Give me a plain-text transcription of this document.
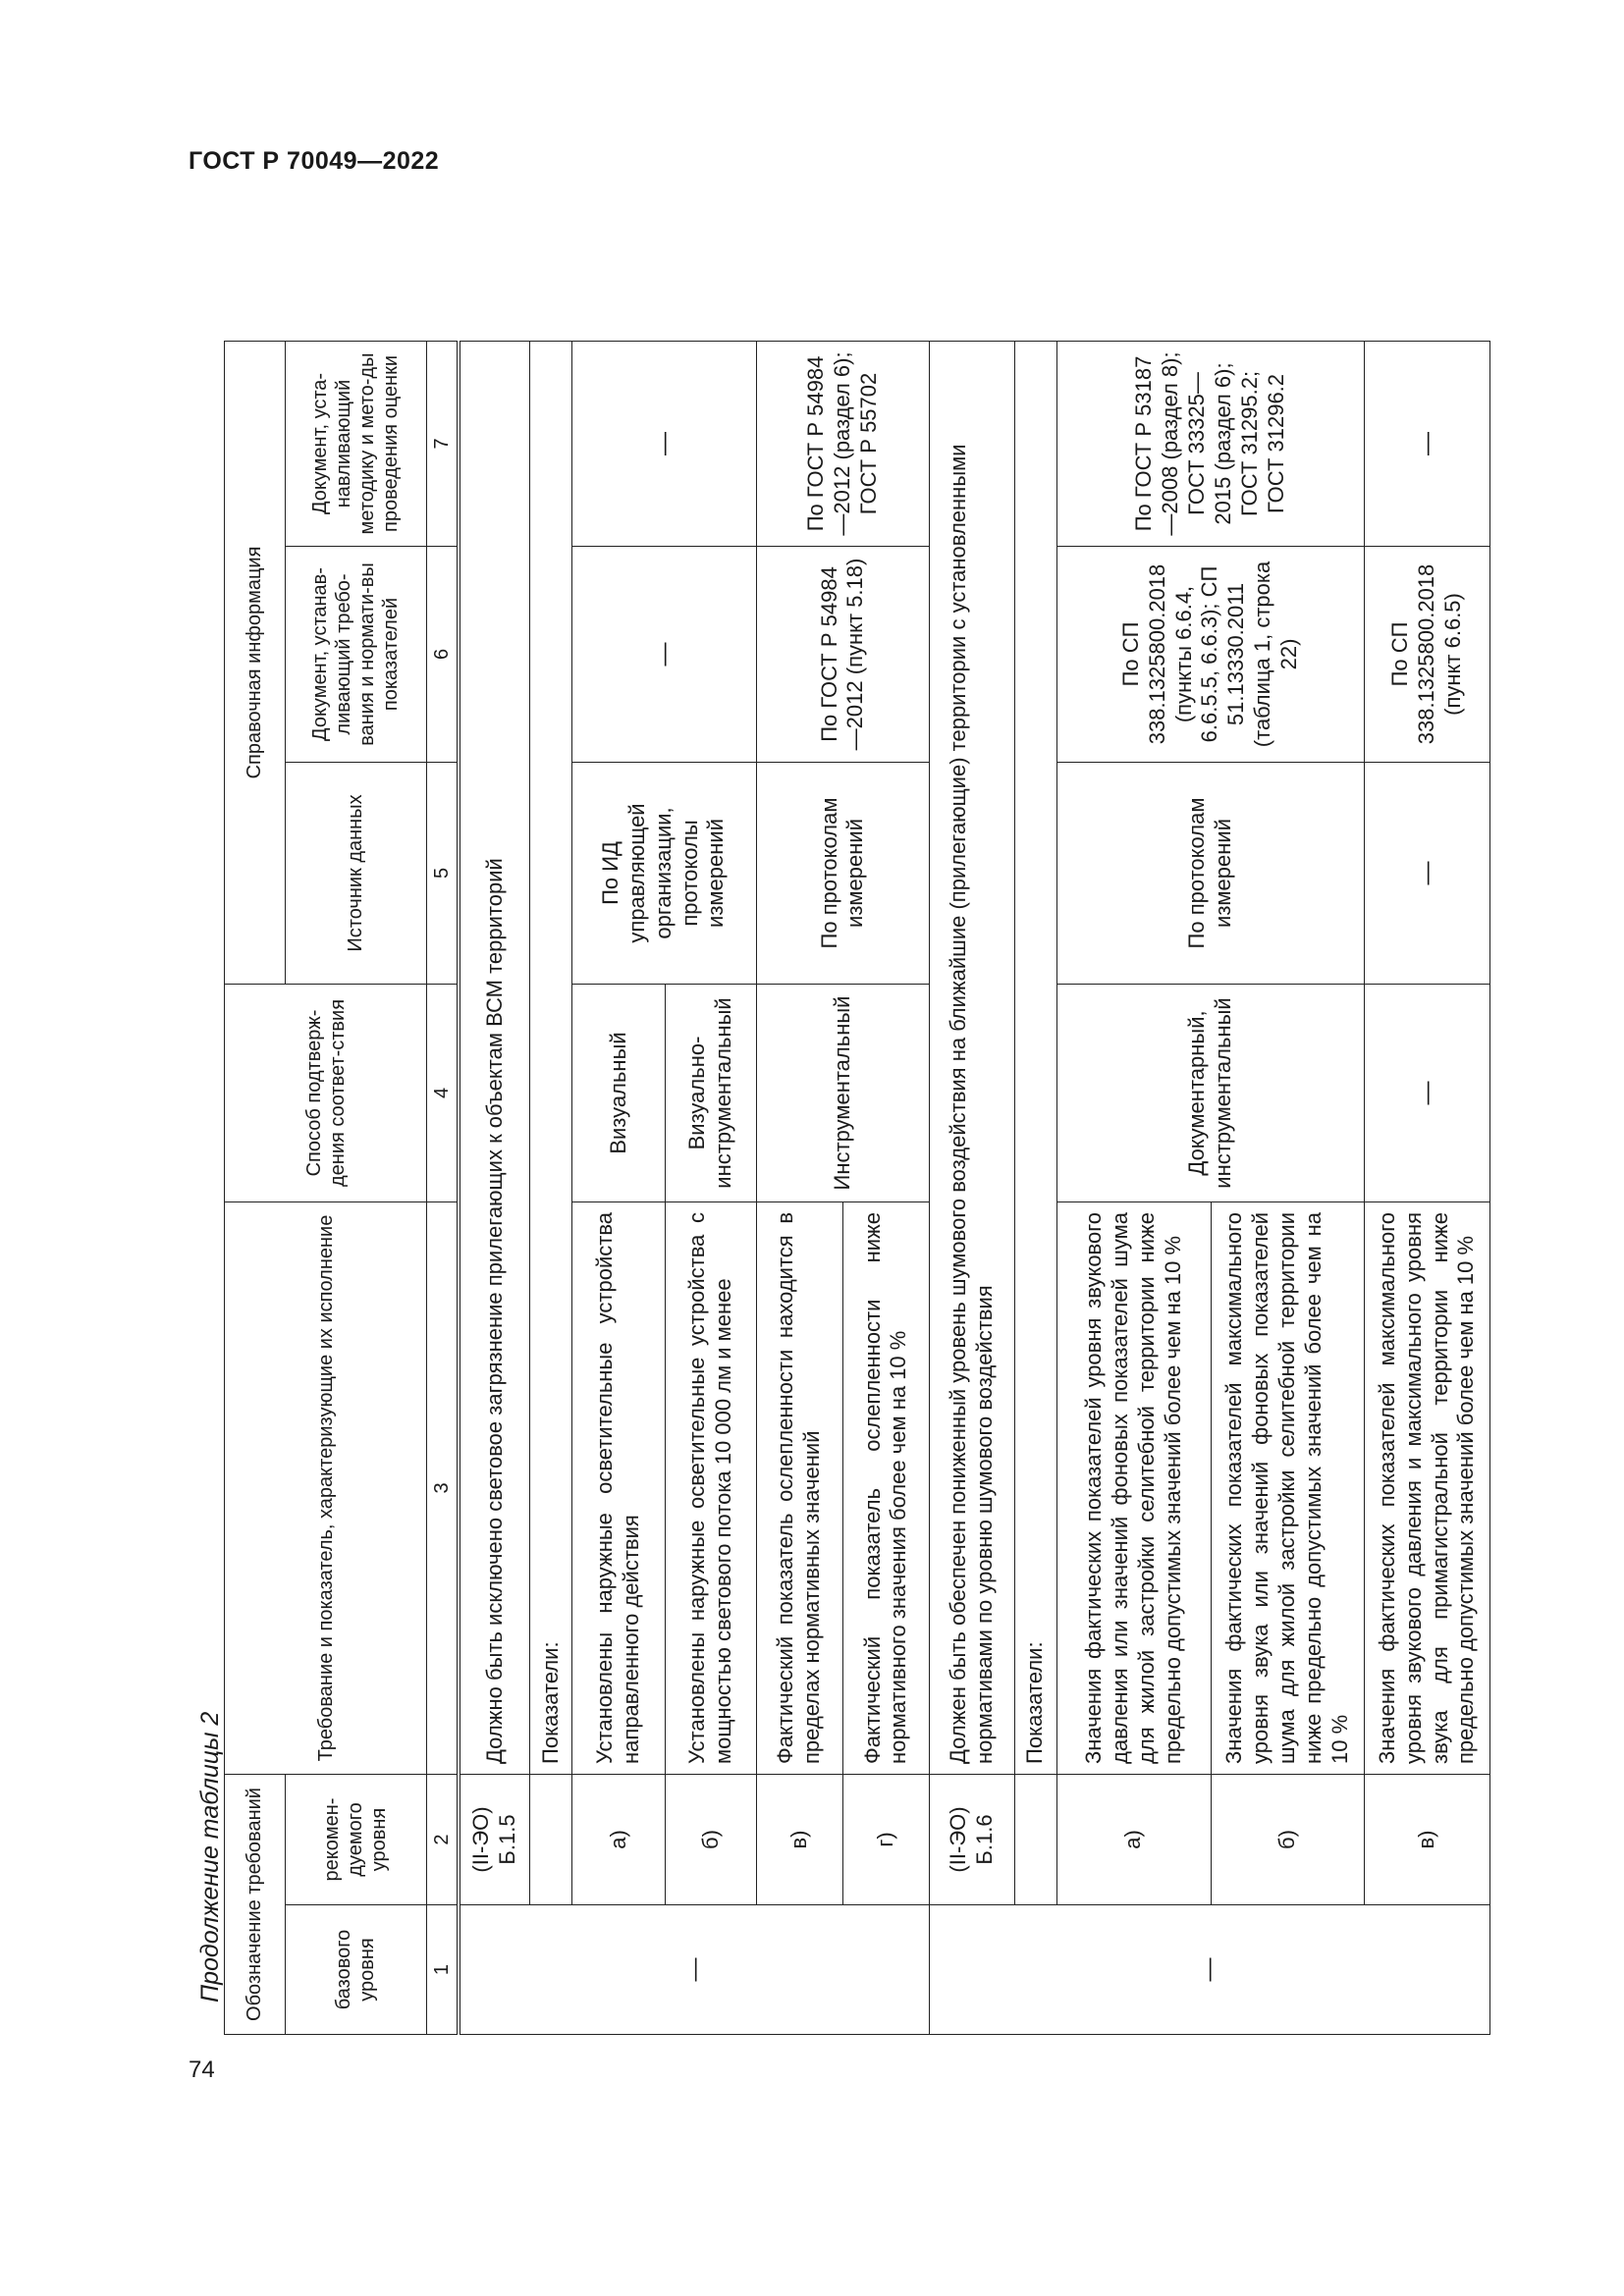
ГОСТ Р 70049—2022
74
Продолжение таблицы 2 Обозначение требований		Требование и показатель, характеризующие их исполнение	Способ подтверж-дения соответ-ствия	Справочная информация		
базового уровня	рекомен-дуемого уровня			Источник данных	Документ, устанав-ливающий требо-вания и нормати-вы показателей	Документ, уста-навливающий методику и мето-ды проведения оценки
1	2	3	4	5	6	7
—	(II-ЭО) Б.1.5	Должно быть исключено световое загрязнение прилегающих к объектам ВСМ территорий				
		Показатели:				
	а)	Установлены наружные осветительные устройства направленного действия	Визуальный	По ИД управляющей организации, протоколы измерений	—	—
	б)	Установлены наружные осветительные устройства с мощностью светового потока 10 000 лм и менее	Визуально-инструментальный			
	в)	Фактический показатель ослепленности находится в пределах нормативных значений	Инструментальный	По протоколам измерений	По ГОСТ Р 54984—2012 (пункт 5.18)	По ГОСТ Р 54984—2012 (раздел 6); ГОСТ Р 55702
	г)	Фактический показатель ослепленности ниже нормативного значения более чем на 10 %				
—	(II-ЭО) Б.1.6	Должен быть обеспечен пониженный уровень шумового воздействия на ближайшие (прилегающие) территории с установленными нормативами по уровню шумового воздействия				
		Показатели:				
	а)	Значения фактических показателей уровня звукового давления или значений фоновых показателей шума для жилой застройки селитебной территории ниже предельно допустимых значений более чем на 10 %	Документарный, инструментальный	По протоколам измерений	По СП 338.1325800.2018 (пункты 6.6.4, 6.6.5.5, 6.6.3); СП 51.13330.2011 (таблица 1, строка 22)	По ГОСТ Р 53187—2008 (раздел 8); ГОСТ 33325—2015 (раздел 6); ГОСТ 31295.2; ГОСТ 31296.2
	б)	Значения фактических показателей максимального уровня звука или значений фоновых показателей шума для жилой застройки селитебной территории ниже предельно допустимых значений более чем на 10 %				
	в)	Значения фактических показателей максимального уровня звукового давления и максимального уровня звука для примагистральной территории ниже предельно допустимых значений более чем на 10 %	—	—	По СП 338.1325800.2018 (пункт 6.6.5)	—
